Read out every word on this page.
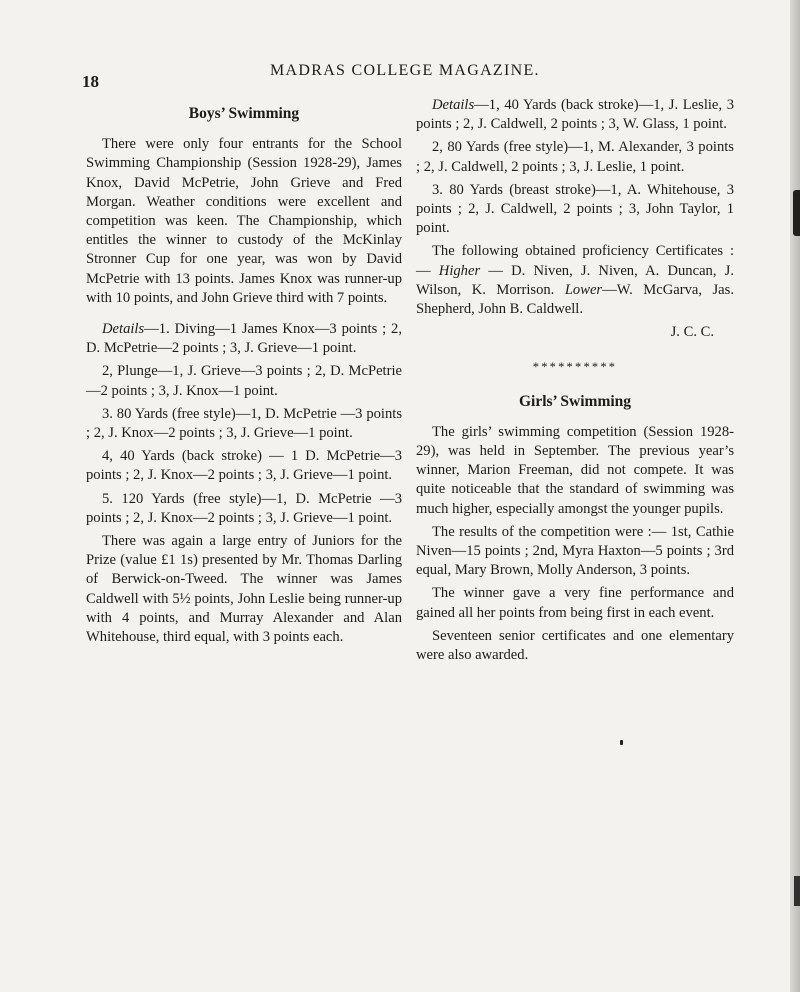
18
MADRAS COLLEGE MAGAZINE.
Boys’ Swimming

There were only four entrants for the School Swimming Championship (Session 1928-29), James Knox, David McPetrie, John Grieve and Fred Morgan. Weather conditions were excellent and competition was keen. The Championship, which entitles the winner to custody of the McKinlay Stronner Cup for one year, was won by David McPetrie with 13 points. James Knox was runner-up with 10 points, and John Grieve third with 7 points.

Details—1. Diving—1 James Knox—3 points ; 2, D. McPetrie—2 points ; 3, J. Grieve—1 point.

2, Plunge—1, J. Grieve—3 points ; 2, D. McPetrie—2 points ; 3, J. Knox—1 point.

3. 80 Yards (free style)—1, D. McPetrie —3 points ; 2, J. Knox—2 points ; 3, J. Grieve—1 point.

4, 40 Yards (back stroke) — 1 D. McPetrie—3 points ; 2, J. Knox—2 points ; 3, J. Grieve—1 point.

5. 120 Yards (free style)—1, D. McPetrie —3 points ; 2, J. Knox—2 points ; 3, J. Grieve—1 point.

There was again a large entry of Juniors for the Prize (value £1 1s) presented by Mr. Thomas Darling of Berwick-on-Tweed. The winner was James Caldwell with 5½ points, John Leslie being runner-up with 4 points, and Murray Alexander and Alan Whitehouse, third equal, with 3 points each.

Details—1, 40 Yards (back stroke)—1, J. Leslie, 3 points ; 2, J. Caldwell, 2 points ; 3, W. Glass, 1 point.

2, 80 Yards (free style)—1, M. Alexander, 3 points ; 2, J. Caldwell, 2 points ; 3, J. Leslie, 1 point.

3. 80 Yards (breast stroke)—1, A. Whitehouse, 3 points ; 2, J. Caldwell, 2 points ; 3, John Taylor, 1 point.

The following obtained proficiency Certificates : — Higher — D. Niven, J. Niven, A. Duncan, J. Wilson, K. Morrison. Lower—W. McGarva, Jas. Shepherd, John B. Caldwell.

J. C. C.
**********
Girls’ Swimming

The girls’ swimming competition (Session 1928-29), was held in September. The previous year’s winner, Marion Freeman, did not compete. It was quite noticeable that the standard of swimming was much higher, especially amongst the younger pupils.

The results of the competition were :— 1st, Cathie Niven—15 points ; 2nd, Myra Haxton—5 points ; 3rd equal, Mary Brown, Molly Anderson, 3 points.

The winner gave a very fine performance and gained all her points from being first in each event.

Seventeen senior certificates and one elementary were also awarded.
